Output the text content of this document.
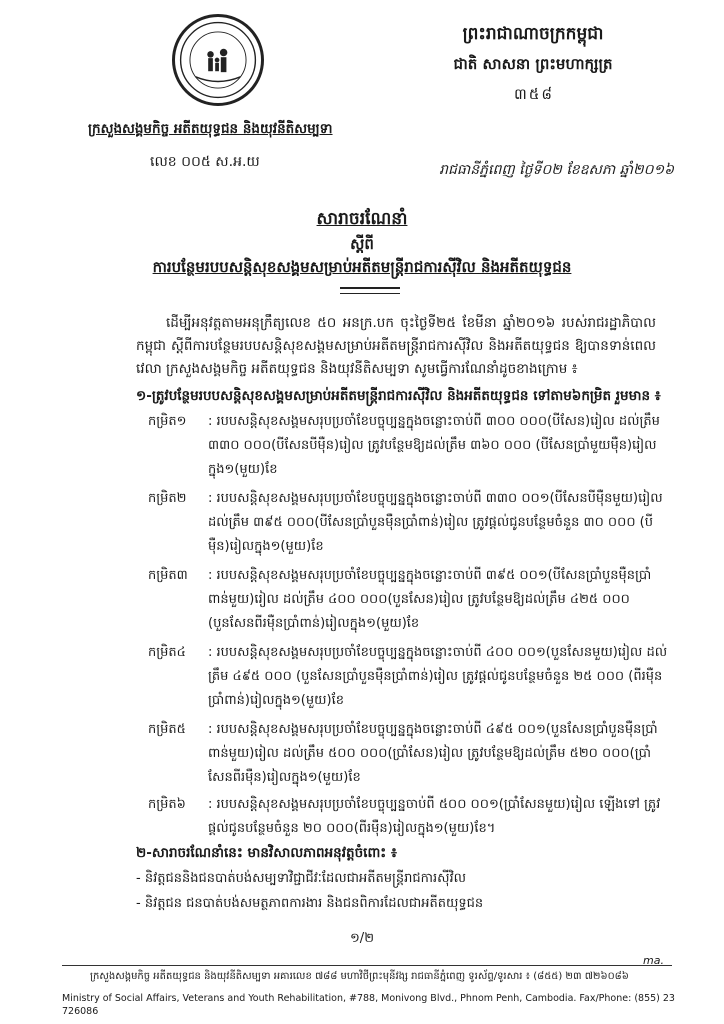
ព្រះរាជាណាចក្រកម្ពុជា
ជាតិ សាសនា ព្រះមហាក្សត្រ
៣៥៨
ក្រសួងសង្គមកិច្ច អតីតយុទ្ធជន និងយុវនីតិសម្បទា
លេខ ០០៥ ស.អ.យ	រាជធានីភ្នំពេញ ថ្ងៃទី០២ ខែឧសភា ឆ្នាំ២០១៦
សារាចរណែនាំ
ស្តីពី
ការបន្ថែមរបបសន្តិសុខសង្គមសម្រាប់អតីតមន្ត្រីរាជការស៊ីវិល និងអតីតយុទ្ធជន
ដើម្បីអនុវត្តតាមអនុក្រឹត្យលេខ ៥០ អនក្រ.បក ចុះថ្ងៃទី២៥ ខែមីនា ឆ្នាំ២០១៦ របស់រាជរដ្ឋាភិបាលកម្ពុជា ស្តីពីការបន្ថែមរបបសន្តិសុខសង្គមសម្រាប់អតីតមន្ត្រីរាជការស៊ីវិល និងអតីតយុទ្ធជន ឱ្យបានទាន់ពេលវេលា ក្រសួងសង្គមកិច្ច អតីតយុទ្ធជន និងយុវនីតិសម្បទា សូមធ្វើការណែនាំដូចខាងក្រោម ៖
១-ត្រូវបន្ថែមរបបសន្តិសុខសង្គមសម្រាប់អតីតមន្ត្រីរាជការស៊ីវិល និងអតីតយុទ្ធជន ទៅតាម៦កម្រិត រួមមាន ៖
កម្រិត១	: របបសន្តិសុខសង្គមសរុបប្រចាំខែបច្ចុប្បន្នក្នុងចន្លោះចាប់ពី ៣០០ ០០០(បីសែន)រៀល ដល់ត្រឹម ៣៣០ ០០០(បីសែនបីម៉ឺន)រៀល ត្រូវបន្ថែមឱ្យដល់ត្រឹម ៣៦០ ០០០ (បីសែនប្រាំមួយម៉ឺន)រៀលក្នុង១(មួយ)ខែ
កម្រិត២	: របបសន្តិសុខសង្គមសរុបប្រចាំខែបច្ចុប្បន្នក្នុងចន្លោះចាប់ពី ៣៣០ ០០១(បីសែនបីម៉ឺនមួយ)រៀល ដល់ត្រឹម ៣៩៥ ០០០(បីសែនប្រាំបួនម៉ឺនប្រាំពាន់)រៀល ត្រូវផ្តល់ជូនបន្ថែមចំនួន ៣០ ០០០ (បីម៉ឺន)រៀលក្នុង១(មួយ)ខែ
កម្រិត៣	: របបសន្តិសុខសង្គមសរុបប្រចាំខែបច្ចុប្បន្នក្នុងចន្លោះចាប់ពី ៣៩៥ ០០១(បីសែនប្រាំបួនម៉ឺនប្រាំពាន់មួយ)រៀល ដល់ត្រឹម ៤០០ ០០០(បួនសែន)រៀល ត្រូវបន្ថែមឱ្យដល់ត្រឹម ៤២៥ ០០០ (បួនសែនពីរម៉ឺនប្រាំពាន់)រៀលក្នុង១(មួយ)ខែ
កម្រិត៤	: របបសន្តិសុខសង្គមសរុបប្រចាំខែបច្ចុប្បន្នក្នុងចន្លោះចាប់ពី ៤០០ ០០១(បួនសែនមួយ)រៀល ដល់ត្រឹម ៤៩៥ ០០០ (បួនសែនប្រាំបួនម៉ឺនប្រាំពាន់)រៀល ត្រូវផ្តល់ជូនបន្ថែមចំនួន ២៥ ០០០ (ពីរម៉ឺនប្រាំពាន់)រៀលក្នុង១(មួយ)ខែ
កម្រិត៥	: របបសន្តិសុខសង្គមសរុបប្រចាំខែបច្ចុប្បន្នក្នុងចន្លោះចាប់ពី ៤៩៥ ០០១(បួនសែនប្រាំបួនម៉ឺនប្រាំពាន់មួយ)រៀល ដល់ត្រឹម ៥០០ ០០០(ប្រាំសែន)រៀល ត្រូវបន្ថែមឱ្យដល់ត្រឹម ៥២០ ០០០(ប្រាំសែនពីរម៉ឺន)រៀលក្នុង១(មួយ)ខែ
កម្រិត៦	: របបសន្តិសុខសង្គមសរុបប្រចាំខែបច្ចុប្បន្នចាប់ពី ៥០០ ០០១(ប្រាំសែនមួយ)រៀល ឡើងទៅ ត្រូវផ្តល់ជូនបន្ថែមចំនួន ២០ ០០០(ពីរម៉ឺន)រៀលក្នុង១(មួយ)ខែ។
២-សារាចរណែនាំនេះ មានវិសាលភាពអនុវត្តចំពោះ ៖
- និវត្តជននិងជនបាត់បង់សម្បទាវិជ្ជាជីវៈដែលជាអតីតមន្ត្រីរាជការស៊ីវិល
- និវត្តជន ជនបាត់បង់សមត្ថភាពការងារ និងជនពិការដែលជាអតីតយុទ្ធជន
១/២
ma.
ក្រសួងសង្គមកិច្ច អតីតយុទ្ធជន និងយុវនីតិសម្បទា អគារលេខ ៧៨៨ មហាវិថីព្រះមុនីវង្ស រាជធានីភ្នំពេញ ទូរស័ព្ទ/ទូរសារ ៖ (៨៥៥) ២៣ ៧២៦០៨៦
Ministry of Social Affairs, Veterans and Youth Rehabilitation, #788, Monivong Blvd., Phnom Penh, Cambodia. Fax/Phone: (855) 23 726086
